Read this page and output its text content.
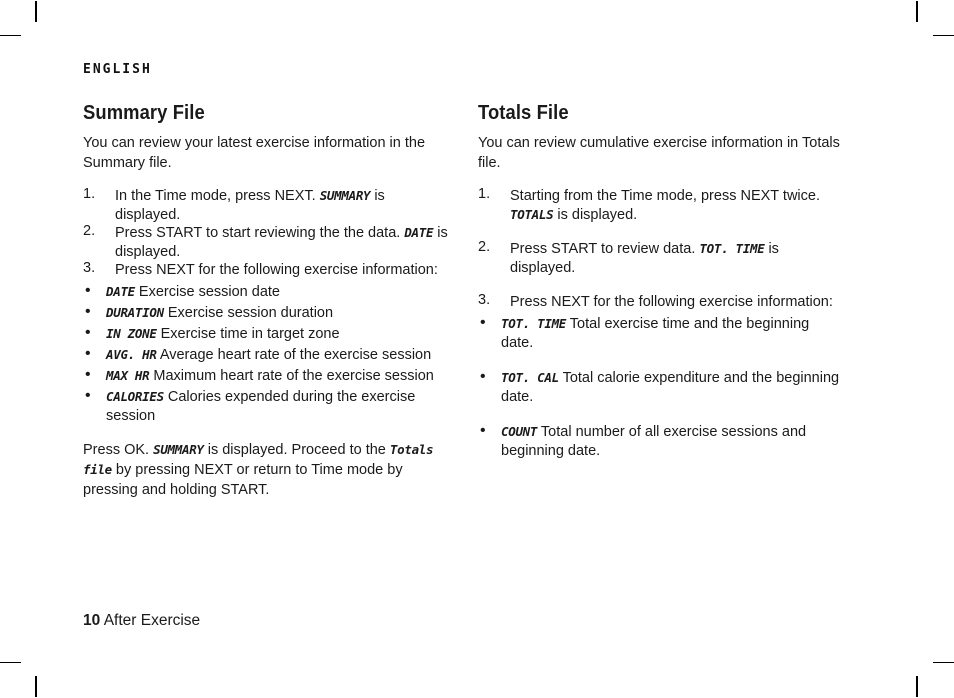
ENGLISH
Summary File

You can review your latest exercise information in the Summary file.

1. In the Time mode, press NEXT. SUMMARY is displayed.
2. Press START to start reviewing the the data. DATE is displayed.
3. Press NEXT for the following exercise information:
• DATE Exercise session date
• DURATION Exercise session duration
• IN ZONE Exercise time in target zone
• AVG. HR Average heart rate of the exercise session
• MAX HR Maximum heart rate of the exercise session
• CALORIES Calories expended during the exercise session

Press OK. SUMMARY is displayed. Proceed to the Totals file by pressing NEXT or return to Time mode by pressing and holding START.

Totals File

You can review cumulative exercise information in Totals file.

1. Starting from the Time mode, press NEXT twice. TOTALS is displayed.
2. Press START to review data. TOT. TIME is displayed.
3. Press NEXT for the following exercise information:
• TOT. TIME Total exercise time and the beginning date.
• TOT. CAL Total calorie expenditure and the beginning date.
• COUNT Total number of all exercise sessions and beginning date.
10 After Exercise
